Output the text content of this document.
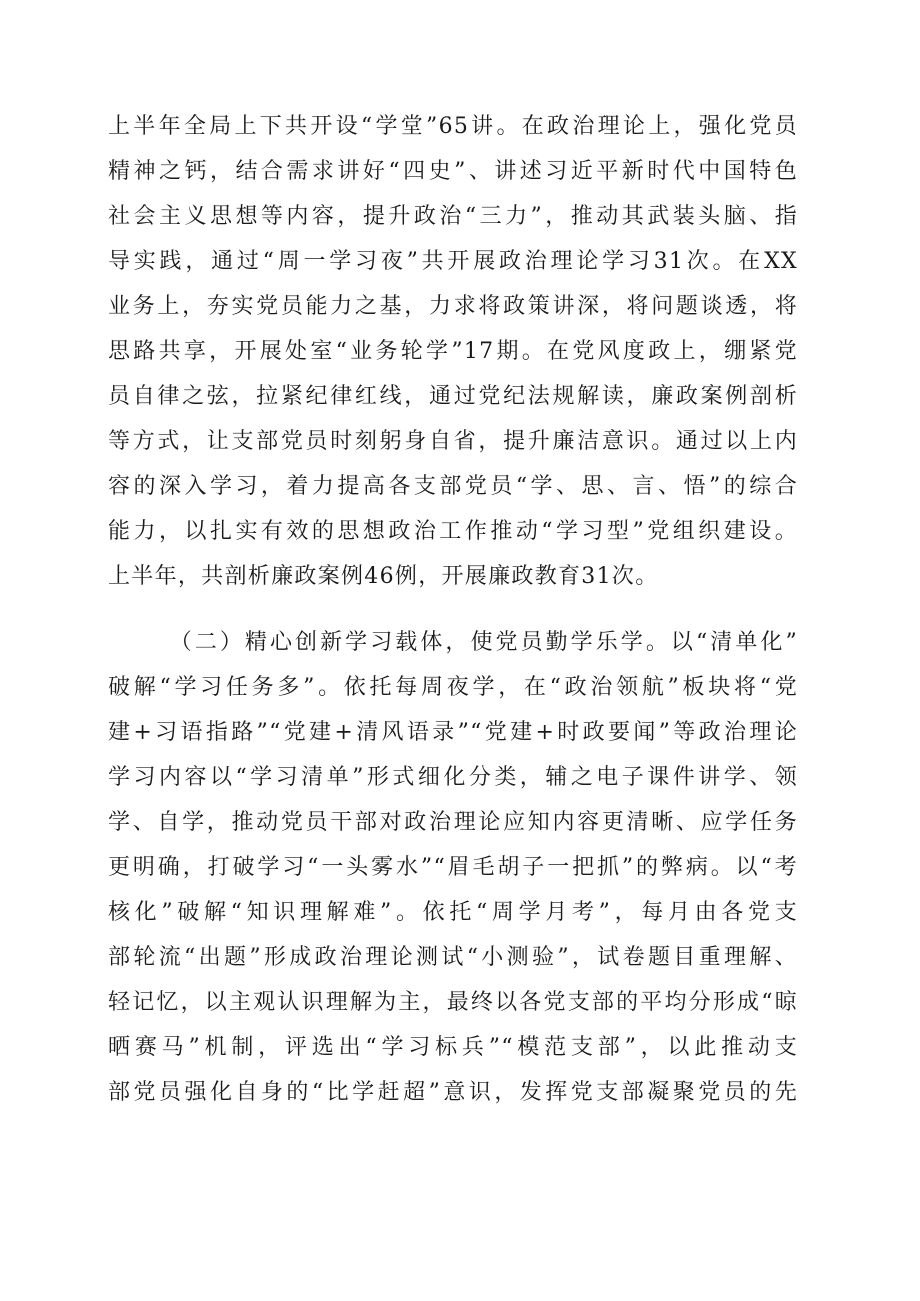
上半年全局上下共开设“学堂”65讲。在政治理论上，强化党员
精神之钙，结合需求讲好“四史”、讲述习近平新时代中国特色
社会主义思想等内容，提升政治“三力”，推动其武装头脑、指
导实践，通过“周一学习夜”共开展政治理论学习31次。在XX
业务上，夯实党员能力之基，力求将政策讲深，将问题谈透，将
思路共享，开展处室“业务轮学”17期。在党风度政上，绷紧党
员自律之弦，拉紧纪律红线，通过党纪法规解读，廉政案例剖析
等方式，让支部党员时刻躬身自省，提升廉洁意识。通过以上内
容的深入学习，着力提高各支部党员“学、思、言、悟”的综合
能力，以扎实有效的思想政治工作推动“学习型”党组织建设。
上半年，共剖析廉政案例46例，开展廉政教育31次。
（二）精心创新学习载体，使党员勤学乐学。以“清单化”
破解“学习任务多”。依托每周夜学，在“政治领航”板块将“党
建+习语指路”“党建+清风语录”“党建+时政要闻”等政治理论
学习内容以“学习清单”形式细化分类，辅之电子课件讲学、领
学、自学，推动党员干部对政治理论应知内容更清晰、应学任务
更明确，打破学习“一头雾水”“眉毛胡子一把抓”的弊病。以“考
核化”破解“知识理解难”。依托“周学月考”，每月由各党支
部轮流“出题”形成政治理论测试“小测验”，试卷题目重理解、
轻记忆，以主观认识理解为主，最终以各党支部的平均分形成“晾
晒赛马”机制，评选出“学习标兵”“模范支部”，以此推动支
部党员强化自身的“比学赶超”意识，发挥党支部凝聚党员的先
